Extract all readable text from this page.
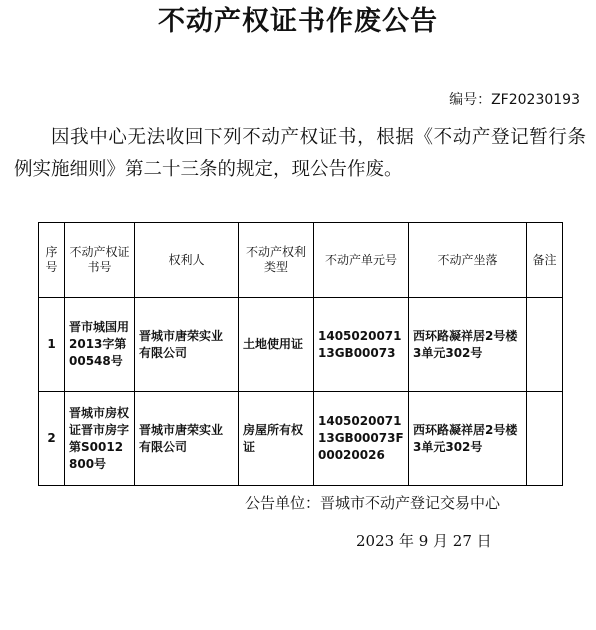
不动产权证书作废公告
编号：ZF20230193
因我中心无法收回下列不动产权证书，根据《不动产登记暂行条例实施细则》第二十三条的规定，现公告作废。
序号	不动产权证书号	权利人	不动产权利类型	不动产单元号	不动产坐落	备注
1	晋市城国用2013字第00548号	晋城市唐荣实业有限公司	土地使用证	140502007113GB00073	西环路凝祥居2号楼3单元302号	
2	晋城市房权证晋市房字第S0012800号	晋城市唐荣实业有限公司	房屋所有权证	140502007113GB00073F00020026	西环路凝祥居2号楼3单元302号	
公告单位：晋城市不动产登记交易中心
2023 年 9 月 27 日
